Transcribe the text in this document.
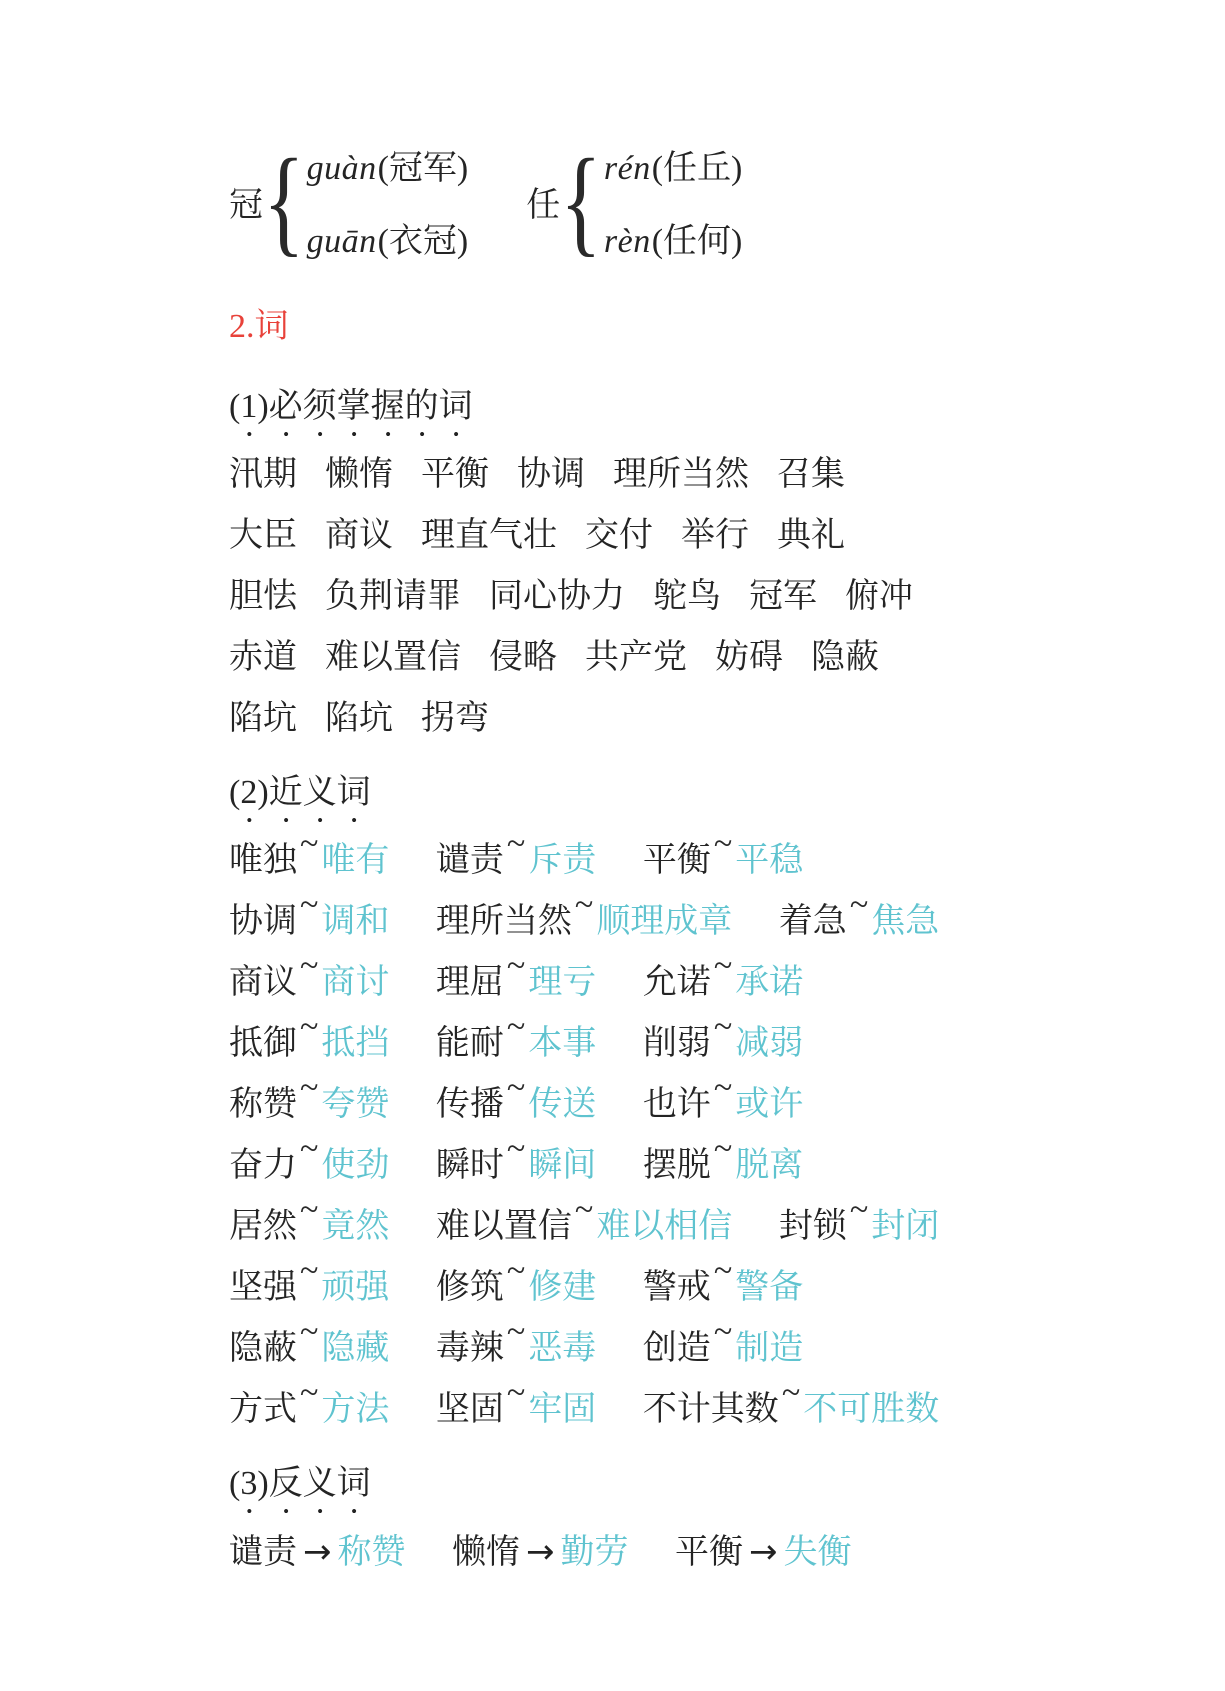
冠 { guàn(冠军)
guān(衣冠)
任 { rén(任丘)
rèn(任何)
2.词
(1)必须掌握的词
汛期 懒惰 平衡 协调 理所当然 召集
大臣 商议 理直气壮 交付 举行 典礼
胆怯 负荆请罪 同心协力 鸵鸟 冠军 俯冲
赤道 难以置信 侵略 共产党 妨碍 隐蔽
陷坑 陷坑 拐弯
(2)近义词
唯独~唯有 谴责~斥责 平衡~平稳
协调~调和 理所当然~顺理成章 着急~焦急
商议~商讨 理屈~理亏 允诺~承诺
抵御~抵挡 能耐~本事 削弱~减弱
称赞~夸赞 传播~传送 也许~或许
奋力~使劲 瞬时~瞬间 摆脱~脱离
居然~竟然 难以置信~难以相信 封锁~封闭
坚强~顽强 修筑~修建 警戒~警备
隐蔽~隐藏 毒辣~恶毒 创造~制造
方式~方法 坚固~牢固 不计其数~不可胜数
(3)反义词
谴责 → 称赞 懒惰 → 勤劳 平衡 → 失衡
